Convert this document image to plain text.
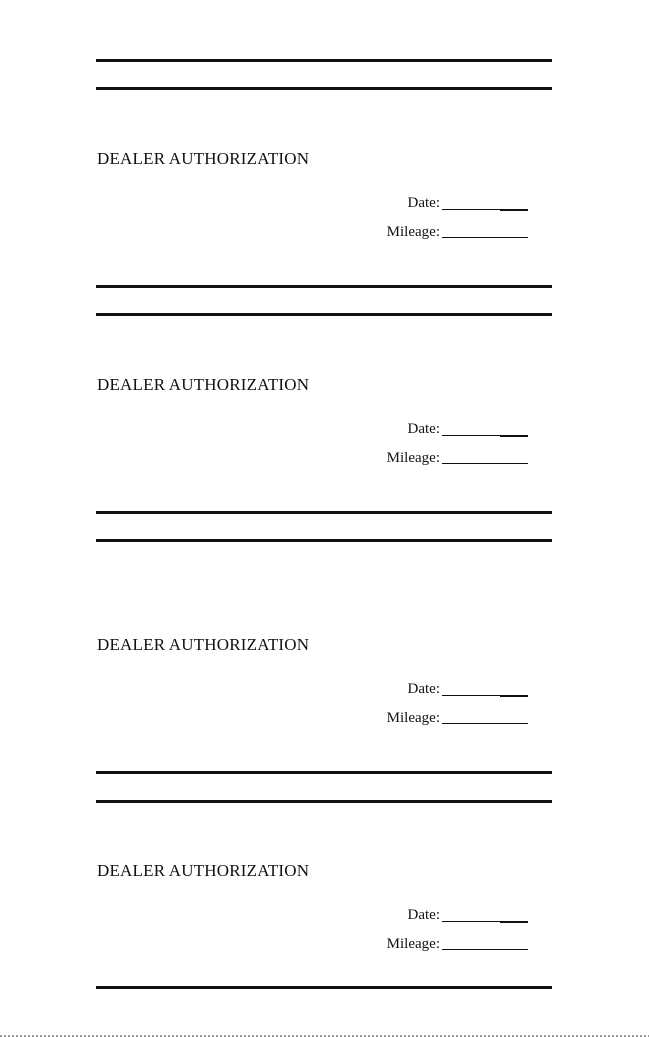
DEALER AUTHORIZATION
Date:
Mileage:
DEALER AUTHORIZATION
Date:
Mileage:
DEALER AUTHORIZATION
Date:
Mileage:
DEALER AUTHORIZATION
Date:
Mileage:
